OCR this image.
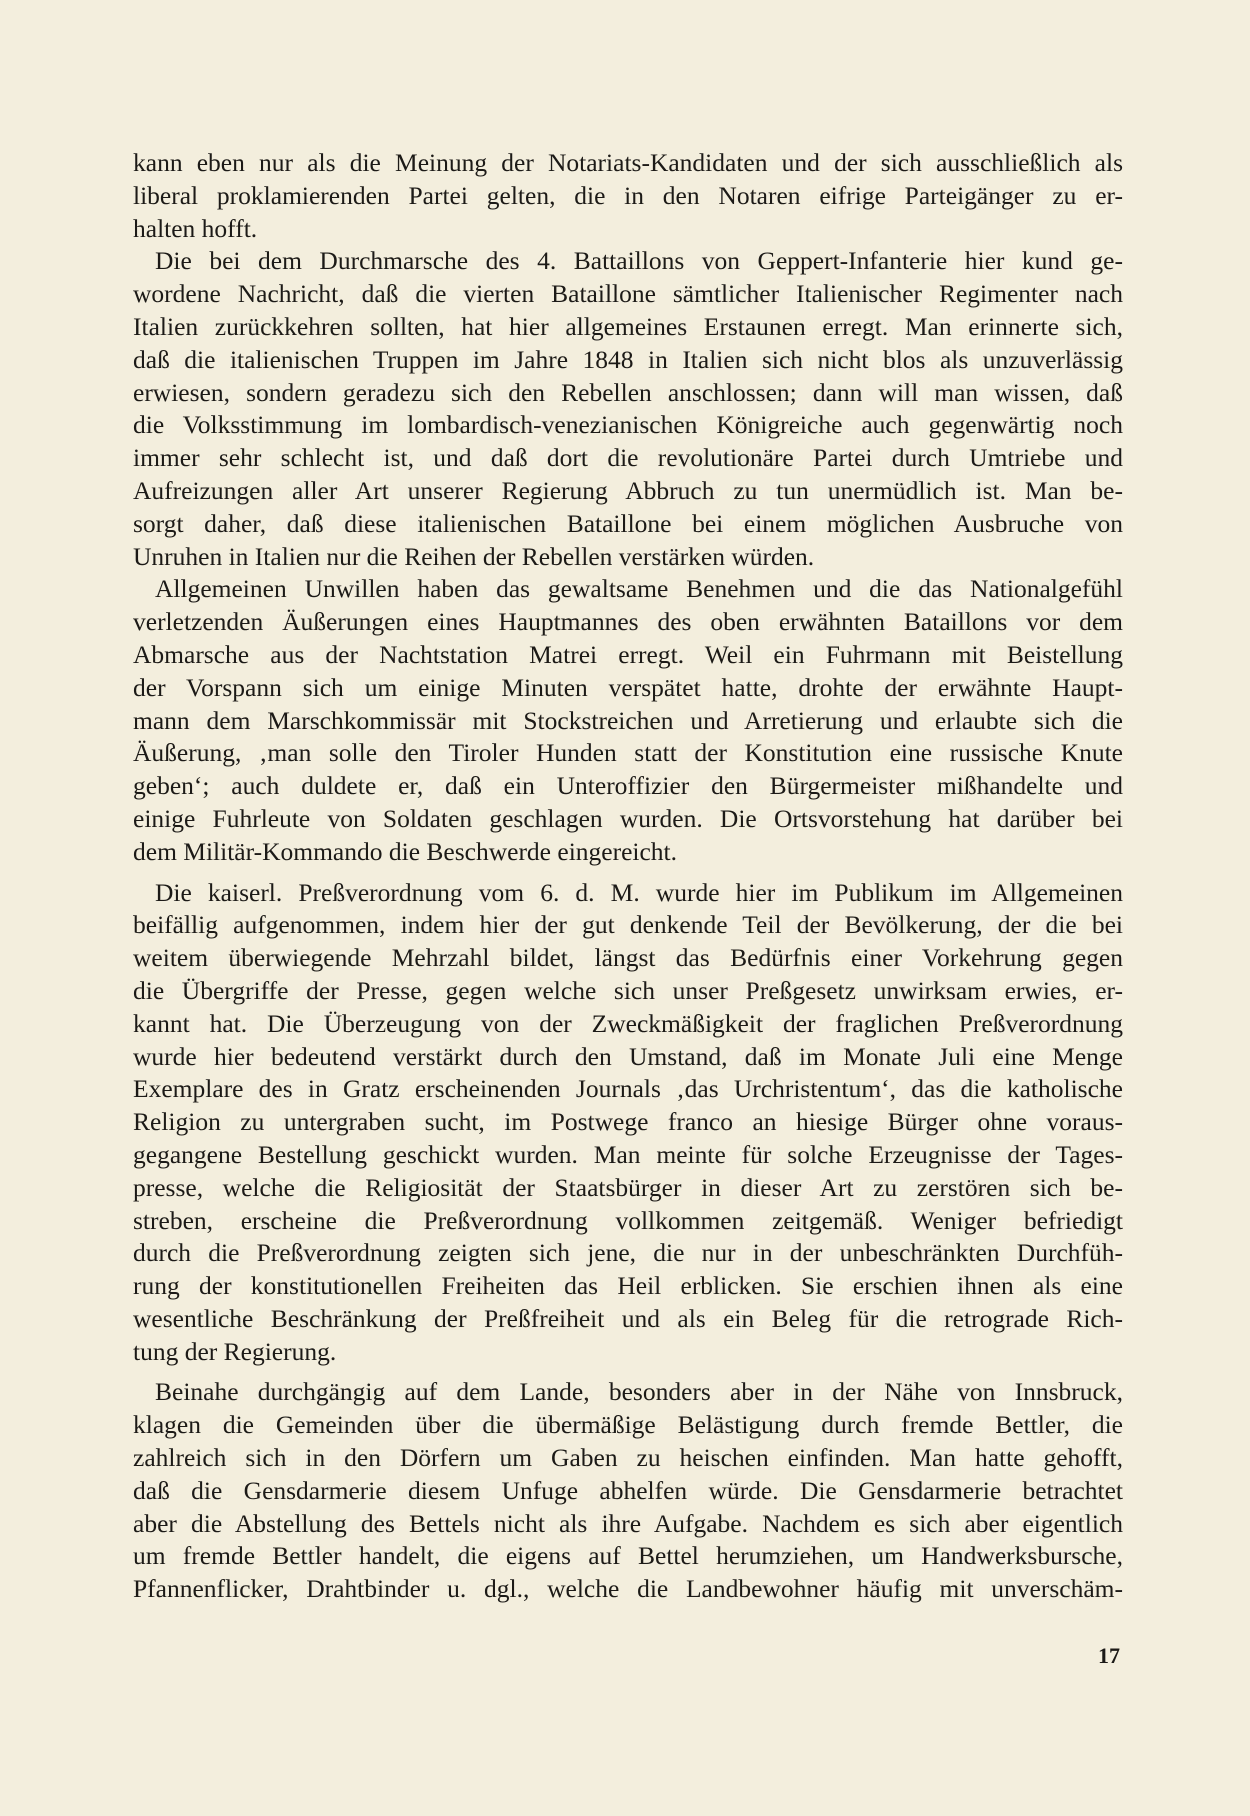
kann eben nur als die Meinung der Notariats-Kandidaten und der sich ausschließlich als
liberal proklamierenden Partei gelten, die in den Notaren eifrige Parteigänger zu er-
halten hofft.
Die bei dem Durchmarsche des 4. Battaillons von Geppert-Infanterie hier kund ge-
wordene Nachricht, daß die vierten Bataillone sämtlicher Italienischer Regimenter nach
Italien zurückkehren sollten, hat hier allgemeines Erstaunen erregt. Man erinnerte sich,
daß die italienischen Truppen im Jahre 1848 in Italien sich nicht blos als unzuverlässig
erwiesen, sondern geradezu sich den Rebellen anschlossen; dann will man wissen, daß
die Volksstimmung im lombardisch-venezianischen Königreiche auch gegenwärtig noch
immer sehr schlecht ist, und daß dort die revolutionäre Partei durch Umtriebe und
Aufreizungen aller Art unserer Regierung Abbruch zu tun unermüdlich ist. Man be-
sorgt daher, daß diese italienischen Bataillone bei einem möglichen Ausbruche von
Unruhen in Italien nur die Reihen der Rebellen verstärken würden.
Allgemeinen Unwillen haben das gewaltsame Benehmen und die das Nationalgefühl
verletzenden Äußerungen eines Hauptmannes des oben erwähnten Bataillons vor dem
Abmarsche aus der Nachtstation Matrei erregt. Weil ein Fuhrmann mit Beistellung
der Vorspann sich um einige Minuten verspätet hatte, drohte der erwähnte Haupt-
mann dem Marschkommissär mit Stockstreichen und Arretierung und erlaubte sich die
Äußerung, ‚man solle den Tiroler Hunden statt der Konstitution eine russische Knute
geben‘; auch duldete er, daß ein Unteroffizier den Bürgermeister mißhandelte und
einige Fuhrleute von Soldaten geschlagen wurden. Die Ortsvorstehung hat darüber bei
dem Militär-Kommando die Beschwerde eingereicht.
Die kaiserl. Preßverordnung vom 6. d. M. wurde hier im Publikum im Allgemeinen
beifällig aufgenommen, indem hier der gut denkende Teil der Bevölkerung, der die bei
weitem überwiegende Mehrzahl bildet, längst das Bedürfnis einer Vorkehrung gegen
die Übergriffe der Presse, gegen welche sich unser Preßgesetz unwirksam erwies, er-
kannt hat. Die Überzeugung von der Zweckmäßigkeit der fraglichen Preßverordnung
wurde hier bedeutend verstärkt durch den Umstand, daß im Monate Juli eine Menge
Exemplare des in Gratz erscheinenden Journals ‚das Urchristentum‘, das die katholische
Religion zu untergraben sucht, im Postwege franco an hiesige Bürger ohne voraus-
gegangene Bestellung geschickt wurden. Man meinte für solche Erzeugnisse der Tages-
presse, welche die Religiosität der Staatsbürger in dieser Art zu zerstören sich be-
streben, erscheine die Preßverordnung vollkommen zeitgemäß. Weniger befriedigt
durch die Preßverordnung zeigten sich jene, die nur in der unbeschränkten Durchfüh-
rung der konstitutionellen Freiheiten das Heil erblicken. Sie erschien ihnen als eine
wesentliche Beschränkung der Preßfreiheit und als ein Beleg für die retrograde Rich-
tung der Regierung.
Beinahe durchgängig auf dem Lande, besonders aber in der Nähe von Innsbruck,
klagen die Gemeinden über die übermäßige Belästigung durch fremde Bettler, die
zahlreich sich in den Dörfern um Gaben zu heischen einfinden. Man hatte gehofft,
daß die Gensdarmerie diesem Unfuge abhelfen würde. Die Gensdarmerie betrachtet
aber die Abstellung des Bettels nicht als ihre Aufgabe. Nachdem es sich aber eigentlich
um fremde Bettler handelt, die eigens auf Bettel herumziehen, um Handwerksbursche,
Pfannenflicker, Drahtbinder u. dgl., welche die Landbewohner häufig mit unverschäm-
17
